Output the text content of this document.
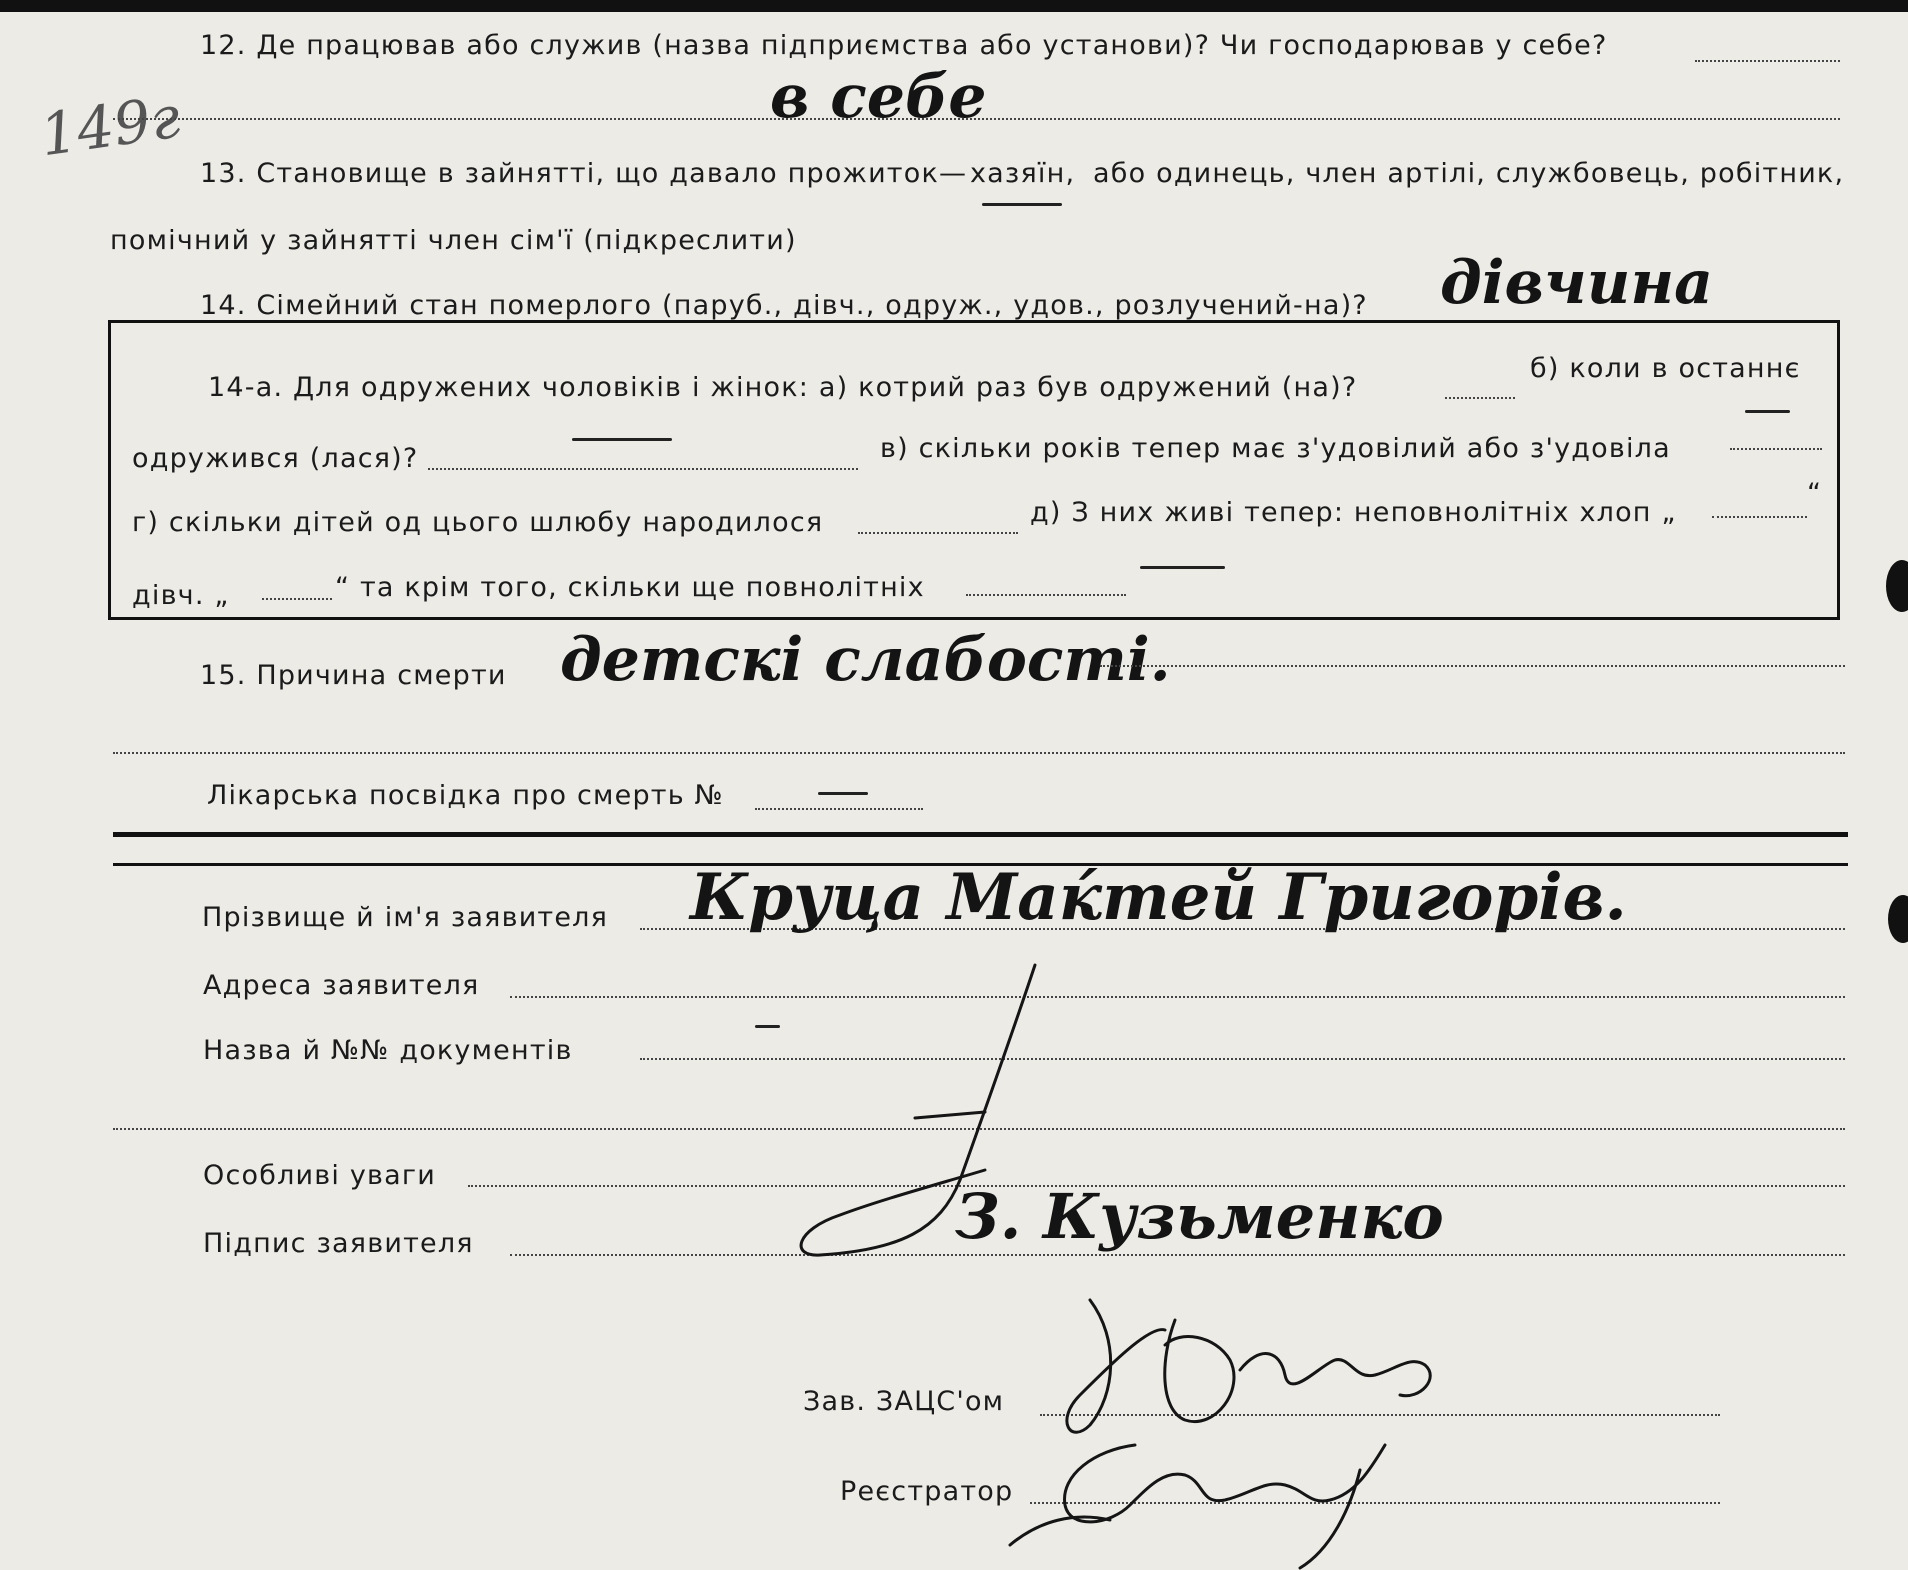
149г
12. Де працював або служив (назва підприємства або установи)? Чи господарював у себе?
в себе
13. Становище в зайнятті, що давало прожиток— хазяїн, або одинець, член артілі, службовець, робітник,
помічний у зайнятті член сім'ї (підкреслити)
14. Сімейний стан померлого (паруб., дівч., одруж., удов., розлучений-на)? дівчина
14-а. Для одружених чоловіків і жінок: а) котрий раз був одружений (на)?
б) коли в останнє
одружився (лася)?	в) скільки років тепер має з'удовілий або з'удовіла
г) скільки дітей од цього шлюбу народилося	д) З них живі тепер: неповнолітніх хлоп „
“
дівч. „	“ та крім того, скільки ще повнолітніх
15. Причина смерти детскі слабості.
Лікарська посвідка про смерть №
Прізвище й ім'я заявителя Круца Маќтей Григорів.
Адреса заявителя
Назва й №№ документів
Особливі уваги
Підпис заявителя	З. Кузьменко
Зав. ЗАЦС'ом
Реєстратор
